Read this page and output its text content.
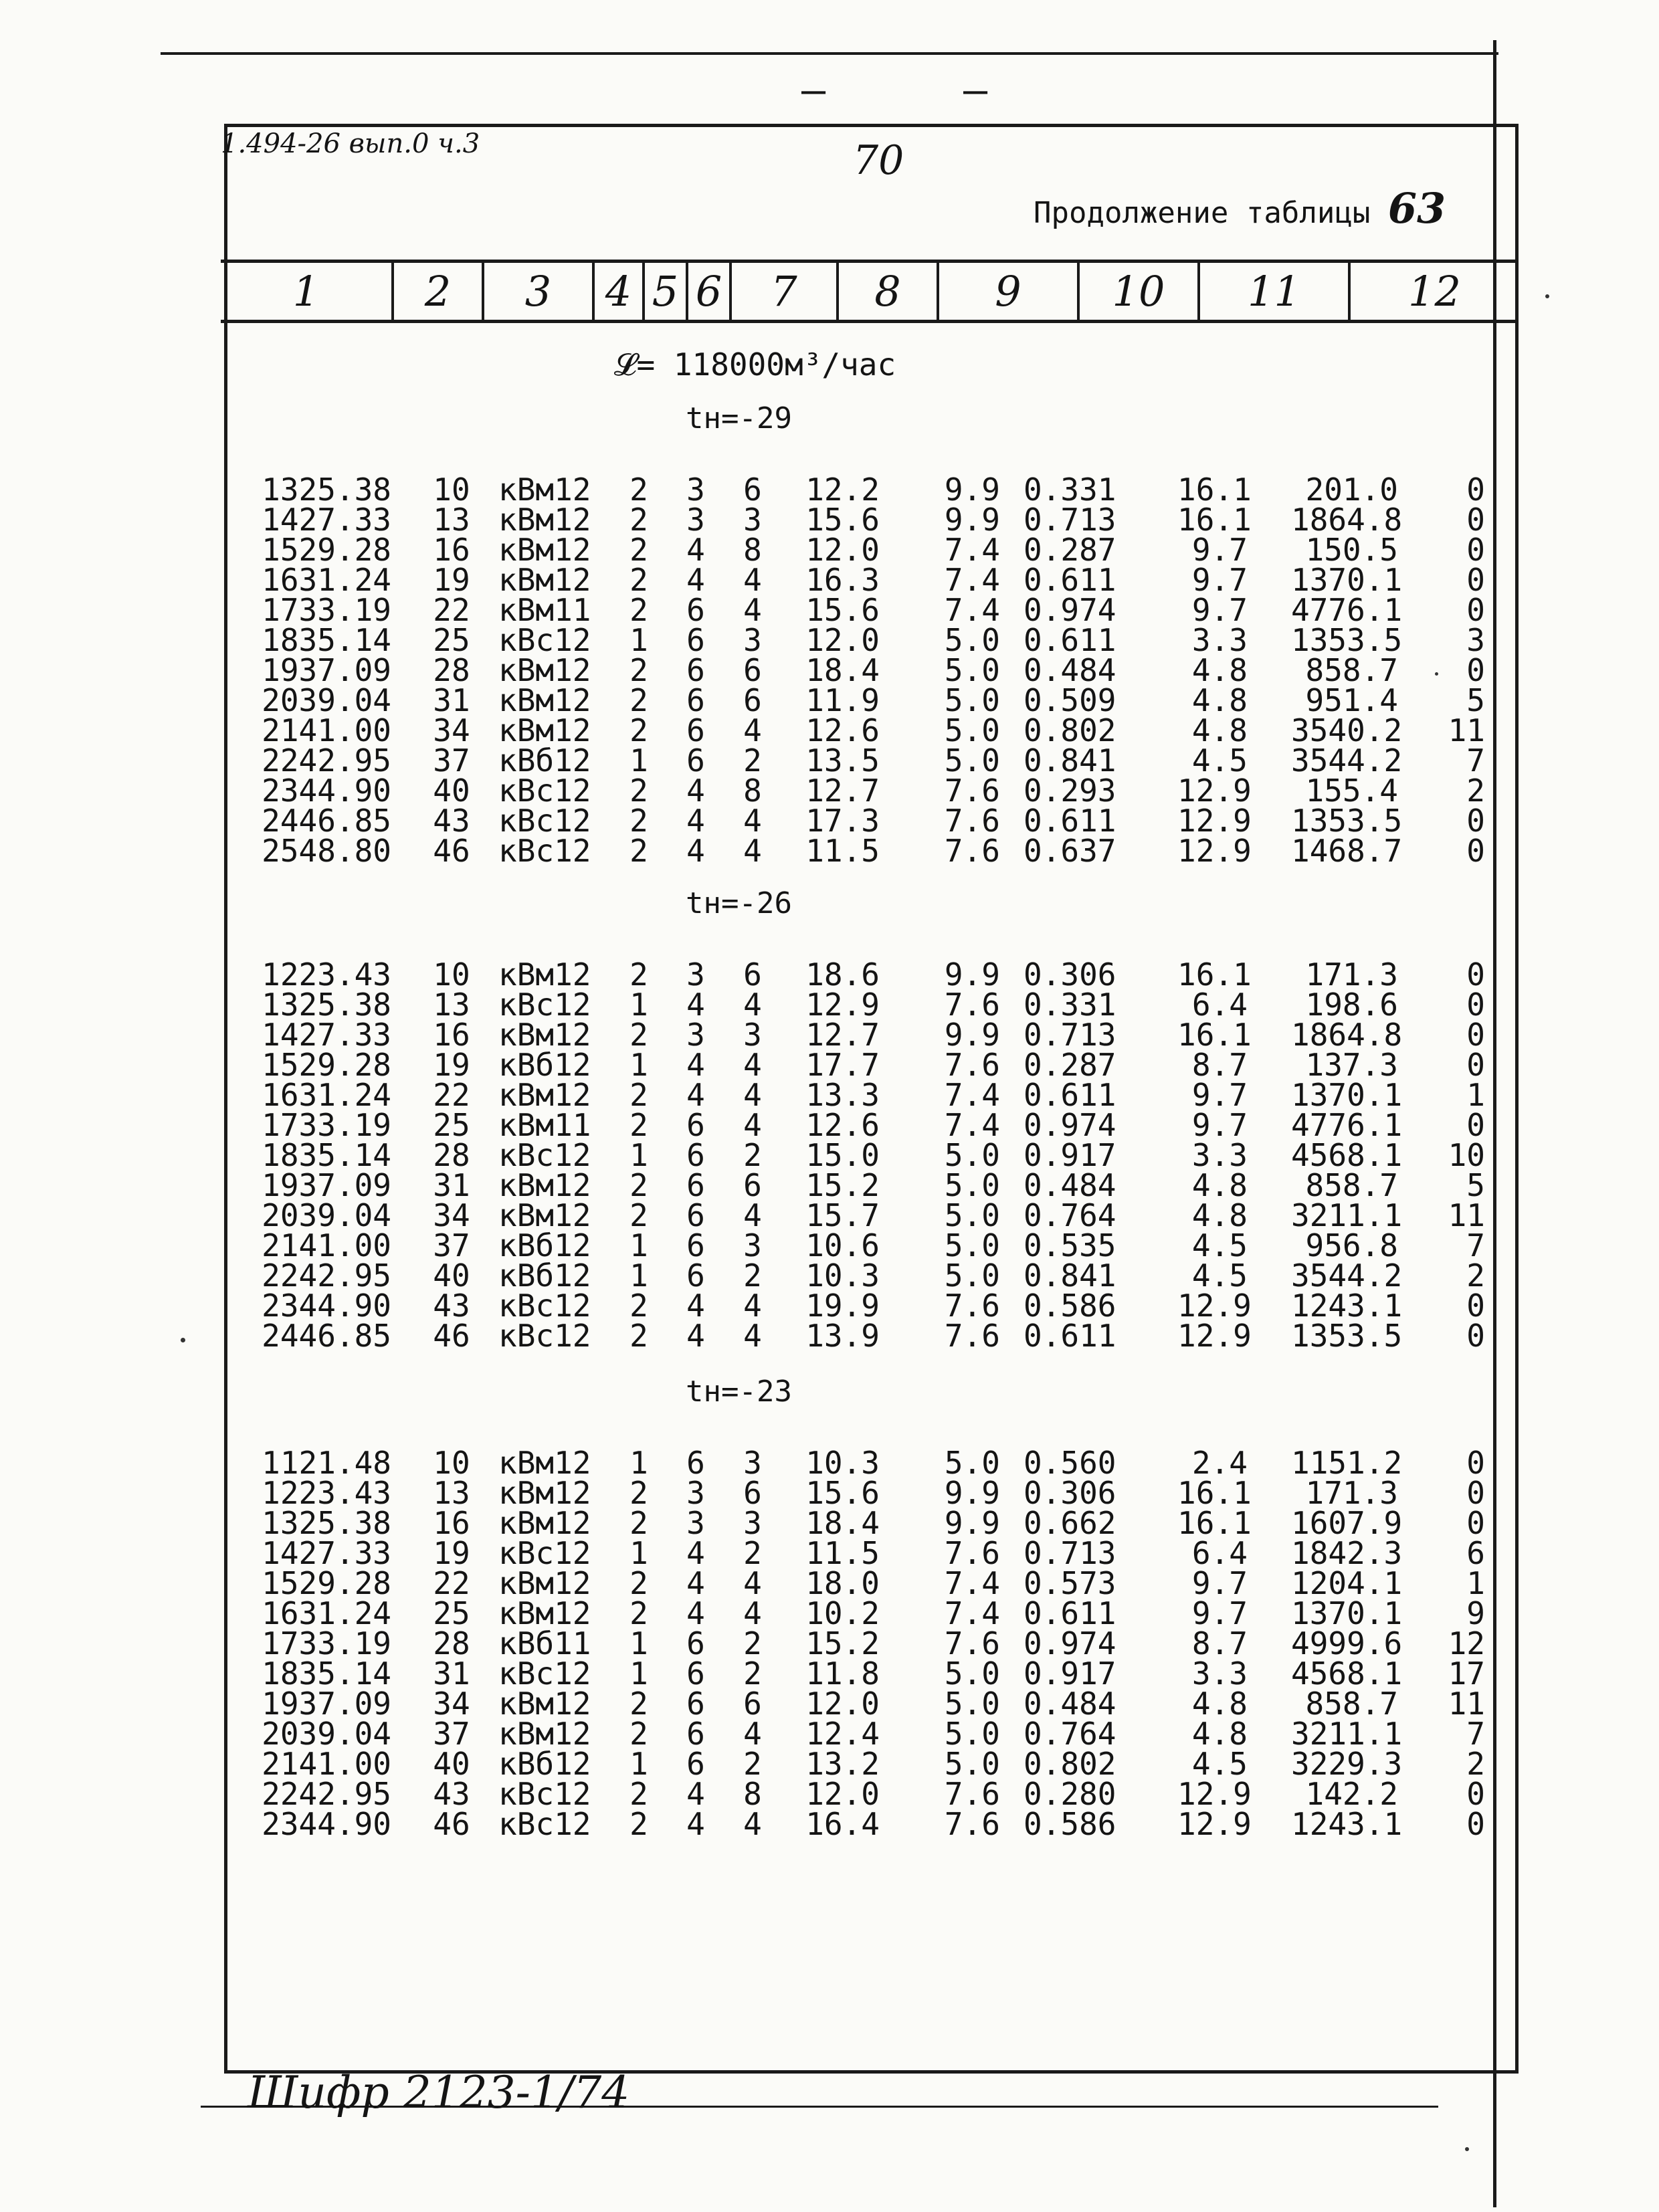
—	—
1.494-26 вып.0 ч.3	70
Продолжение таблицы 63
1	2	3	4 5 6	7	8	9	10	11	12
𝓛= 118000м³/час
tн=-29
1325.38	10 кВм12 2 3 6	12.2	9.9 0.331 16.1	201.0	0
1427.33	13 кВм12 2 3 3	15.6	9.9 0.713 16.1 1864.8	0
1529.28	16 кВм12 2 4 8	12.0	7.4 0.287	9.7	150.5	0
1631.24	19 кВм12 2 4 4	16.3	7.4 0.611	9.7 1370.1	0
1733.19	22 кВм11 2 6 4	15.6	7.4 0.974	9.7 4776.1	0
1835.14	25 кВс12 1 6 3	12.0	5.0 0.611	3.3 1353.5	3
1937.09	28 кВм12 2 6 6	18.4	5.0 0.484	4.8	858.7	0
2039.04	31 кВм12 2 6 6	11.9	5.0 0.509	4.8	951.4	5
2141.00	34 кВм12 2 6 4	12.6	5.0 0.802	4.8 3540.2	11
2242.95	37 кВб12 1 6 2	13.5	5.0 0.841	4.5 3544.2	7
2344.90	40 кВс12 2 4 8	12.7	7.6 0.293 12.9	155.4	2
2446.85	43 кВс12 2 4 4	17.3	7.6 0.611 12.9 1353.5	0
2548.80	46 кВс12 2 4 4	11.5	7.6 0.637 12.9 1468.7	0
tн=-26
1223.43	10 кВм12 2 3 6	18.6	9.9 0.306 16.1	171.3	0
1325.38	13 кВс12 1 4 4	12.9	7.6 0.331	6.4	198.6	0
1427.33	16 кВм12 2 3 3	12.7	9.9 0.713 16.1 1864.8	0
1529.28	19 кВб12 1 4 4	17.7	7.6 0.287	8.7	137.3	0
1631.24	22 кВм12 2 4 4	13.3	7.4 0.611	9.7 1370.1	1
1733.19	25 кВм11 2 6 4	12.6	7.4 0.974	9.7 4776.1	0
1835.14	28 кВс12 1 6 2	15.0	5.0 0.917	3.3 4568.1	10
1937.09	31 кВм12 2 6 6	15.2	5.0 0.484	4.8	858.7	5
2039.04	34 кВм12 2 6 4	15.7	5.0 0.764	4.8 3211.1	11
2141.00	37 кВб12 1 6 3	10.6	5.0 0.535	4.5	956.8	7
2242.95	40 кВб12 1 6 2	10.3	5.0 0.841	4.5 3544.2	2
2344.90	43 кВс12 2 4 4	19.9	7.6 0.586 12.9 1243.1	0
2446.85	46 кВс12 2 4 4	13.9	7.6 0.611 12.9 1353.5	0
tн=-23
1121.48	10 кВм12 1 6 3	10.3	5.0 0.560	2.4 1151.2	0
1223.43	13 кВм12 2 3 6	15.6	9.9 0.306 16.1	171.3	0
1325.38	16 кВм12 2 3 3	18.4	9.9 0.662 16.1 1607.9	0
1427.33	19 кВс12 1 4 2	11.5	7.6 0.713	6.4 1842.3	6
1529.28	22 кВм12 2 4 4	18.0	7.4 0.573	9.7 1204.1	1
1631.24	25 кВм12 2 4 4	10.2	7.4 0.611	9.7 1370.1	9
1733.19	28 кВб11 1 6 2	15.2	7.6 0.974	8.7 4999.6	12
1835.14	31 кВс12 1 6 2	11.8	5.0 0.917	3.3 4568.1	17
1937.09	34 кВм12 2 6 6	12.0	5.0 0.484	4.8	858.7	11
2039.04	37 кВм12 2 6 4	12.4	5.0 0.764	4.8 3211.1	7
2141.00	40 кВб12 1 6 2	13.2	5.0 0.802	4.5 3229.3	2
2242.95	43 кВс12 2 4 8	12.0	7.6 0.280 12.9	142.2	0
2344.90	46 кВс12 2 4 4	16.4	7.6 0.586 12.9 1243.1	0
Шифр 2123-1/74
